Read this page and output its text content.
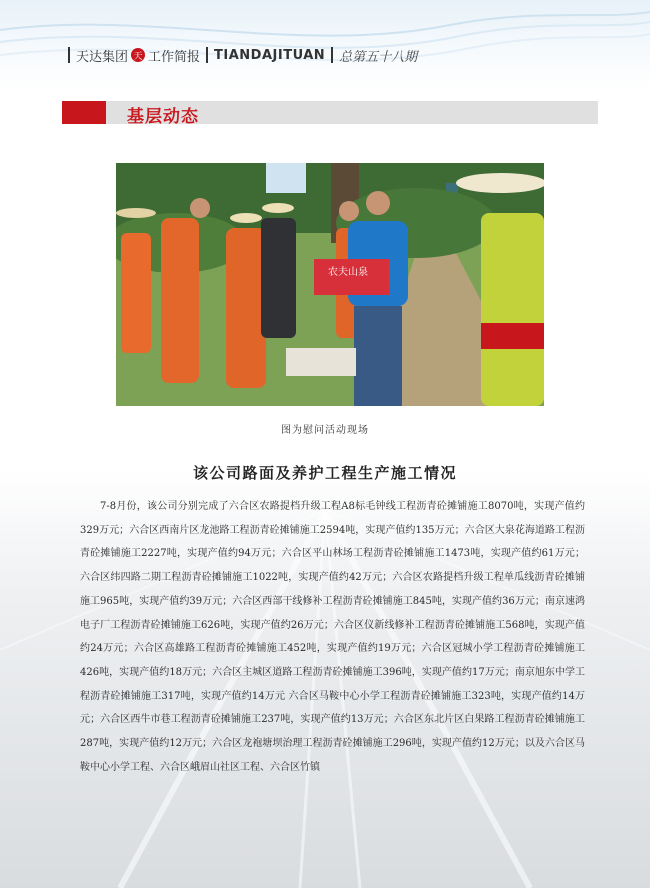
天达集团 天 工作简报 TIANDAJITUAN 总第五十八期
基层动态
农夫山泉
图为慰问活动现场
该公司路面及养护工程生产施工情况
7-8月份，该公司分别完成了六合区农路提档升级工程A8标毛钟线工程沥青砼摊铺施工8070吨，实现产值约329万元；六合区西南片区龙池路工程沥青砼摊铺施工2594吨，实现产值约135万元；六合区大泉花海道路工程沥青砼摊铺施工2227吨，实现产值约94万元；六合区平山林场工程沥青砼摊铺施工1473吨，实现产值约61万元；六合区纬四路二期工程沥青砼摊铺施工1022吨，实现产值约42万元；六合区农路提档升级工程单瓜线沥青砼摊铺施工965吨，实现产值约39万元；六合区西部干线修补工程沥青砼摊铺施工845吨，实现产值约36万元；南京速鸿电子厂工程沥青砼摊铺施工626吨，实现产值约26万元；六合区仪新线修补工程沥青砼摊铺施工568吨，实现产值约24万元；六合区高雄路工程沥青砼摊铺施工452吨，实现产值约19万元；六合区冠城小学工程沥青砼摊铺施工426吨，实现产值约18万元；六合区主城区道路工程沥青砼摊铺施工396吨，实现产值约17万元；南京旭东中学工程沥青砼摊铺施工317吨，实现产值约14万元 六合区马鞍中心小学工程沥青砼摊铺施工323吨，实现产值约14万元；六合区西牛市巷工程沥青砼摊铺施工237吨，实现产值约13万元；六合区东北片区白果路工程沥青砼摊铺施工287吨，实现产值约12万元；六合区龙袍塘坝治理工程沥青砼摊铺施工296吨，实现产值约12万元；以及六合区马鞍中心小学工程、六合区峨眉山社区工程、六合区竹镇
